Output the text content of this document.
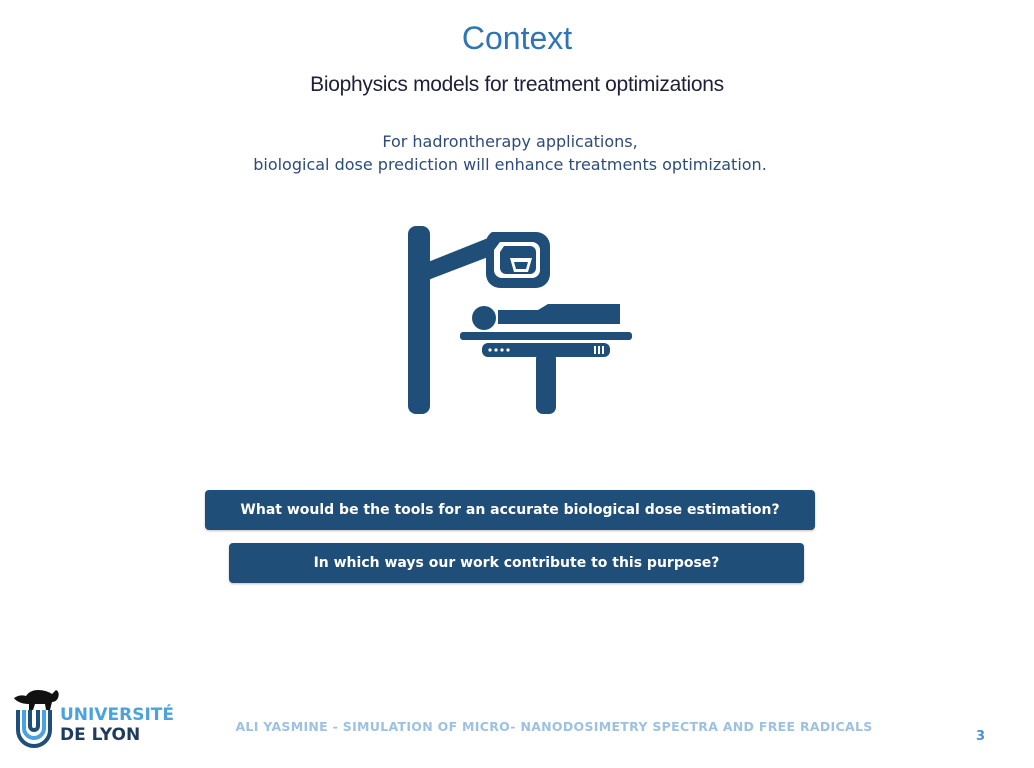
Context
Biophysics models for treatment optimizations
For hadrontherapy applications,
biological dose prediction will enhance treatments optimization.
What would be the tools for an accurate biological dose estimation?
In which ways our work contribute to this purpose?
UNIVERSITÉ
DE LYON	ALI YASMINE - SIMULATION OF MICRO- NANODOSIMETRY SPECTRA AND FREE RADICALS
3
